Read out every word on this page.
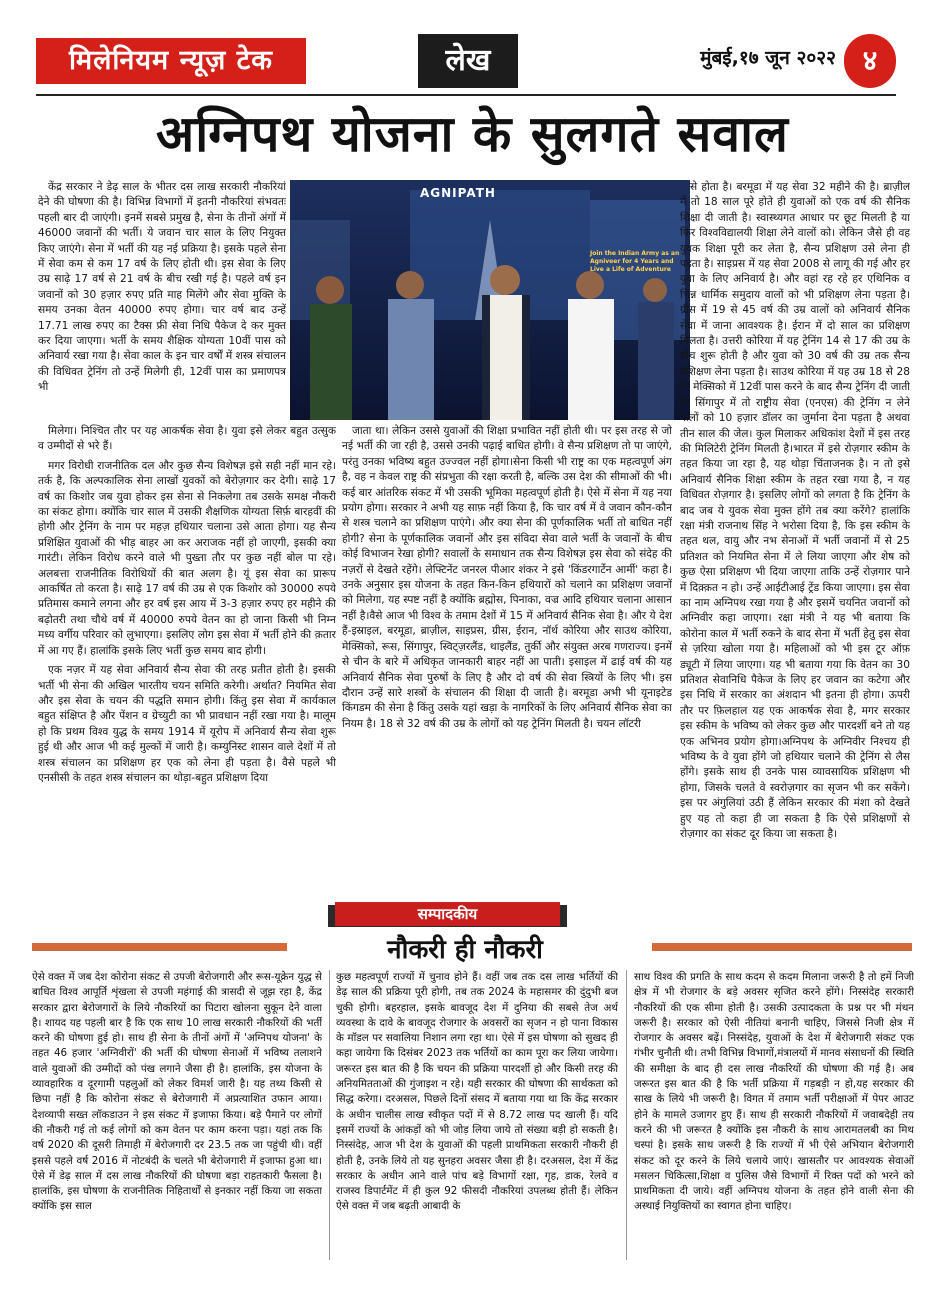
मिलेनियम न्यूज़ टेक	लेख	मुंबई,१७ जून २०२२ ४
अग्निपथ योजना के सुलगते सवाल

केंद्र सरकार ने डेढ़ साल के भीतर दस लाख सरकारी नौकरियां देने की घोषणा की है। विभिन्न विभागों में इतनी नौकरियां संभवतः पहली बार दी जाएंगी। इनमें सबसे प्रमुख है, सेना के तीनों अंगों में 46000 जवानों की भर्ती। ये जवान चार साल के लिए नियुक्त किए जाएंगे। सेना में भर्ती की यह नई प्रक्रिया है। इसके पहले सेना में सेवा कम से कम 17 वर्ष के लिए होती थी। इस सेवा के लिए उम्र साढ़े 17 वर्ष से 21 वर्ष के बीच रखी गई है। पहले वर्ष इन जवानों को 30 हज़ार रुपए प्रति माह मिलेंगे और सेवा मुक्ति के समय उनका वेतन 40000 रुपए होगा। चार वर्ष बाद उन्हें 17.71 लाख रुपए का टैक्स फ्री सेवा निधि पैकेज दे कर मुक्त कर दिया जाएगा। भर्ती के समय शैक्षिक योग्यता 10वीं पास को अनिवार्य रखा गया है। सेवा काल के इन चार वर्षों में शस्त्र संचालन की विधिवत ट्रेनिंग तो उन्हें मिलेगी ही, 12वीं पास का प्रमाणपत्र भी

मिलेगा। निश्चित तौर पर यह आकर्षक सेवा है। युवा इसे लेकर बहुत उत्सुक व उम्मीदों से भरे हैं।

मगर विरोधी राजनीतिक दल और कुछ सैन्य विशेषज्ञ इसे सही नहीं मान रहे। तर्क है, कि अल्पकालिक सेना लाखों युवकों को बेरोज़गार कर देगी। साढ़े 17 वर्ष का किशोर जब युवा होकर इस सेना से निकलेगा तब उसके समक्ष नौकरी का संकट होगा। क्योंकि चार साल में उसकी शैक्षणिक योग्यता सिर्फ़ बारहवीं की होगी और ट्रेनिंग के नाम पर महज़ हथियार चलाना उसे आता होगा। यह सैन्य प्रशिक्षित युवाओं की भीड़ बाहर आ कर अराजक नहीं हो जाएगी, इसकी क्या गारंटी। लेकिन विरोध करने वाले भी पुख्ता तौर पर कुछ नहीं बोल पा रहे। अलबत्ता राजनीतिक विरोधियों की बात अलग है। यूं इस सेवा का प्रारूप आकर्षित तो करता है। साढ़े 17 वर्ष की उम्र से एक किशोर को 30000 रुपये प्रतिमास कमाने लगना और हर वर्ष इस आय में 3-3 हज़ार रुपए हर महीने की बढ़ोतरी तथा चौथे वर्ष में 40000 रुपये वेतन का हो जाना किसी भी निम्न मध्य वर्गीय परिवार को लुभाएगा। इसलिए लोग इस सेवा में भर्ती होने की क़तार में आ गए हैं। हालांकि इसके लिए भर्ती कुछ समय बाद होगी।

एक नज़र में यह सेवा अनिवार्य सैन्य सेवा की तरह प्रतीत होती है। इसकी भर्ती भी सेना की अखिल भारतीय चयन समिति करेगी। अर्थात? नियमित सेवा और इस सेवा के चयन की पद्धति समान होगी। किंतु इस सेवा में कार्यकाल बहुत संक्षिप्त है और पेंशन व ग्रेच्युटी का भी प्रावधान नहीं रखा गया है। मालूम हो कि प्रथम विश्व युद्ध के समय 1914 में यूरोप में अनिवार्य सैन्य सेवा शुरू हुई थी और आज भी कई मुल्कों में जारी है। कम्युनिस्ट शासन वाले देशों में तो शस्त्र संचालन का प्रशिक्षण हर एक को लेना ही पड़ता है। वैसे पहले भी एनसीसी के तहत शस्त्र संचालन का थोड़ा-बहुत प्रशिक्षण दिया

AGNIPATH
Join the Indian Army as an Agniveer for 4 Years and Live a Life of Adventure

जाता था। लेकिन उससे युवाओं की शिक्षा प्रभावित नहीं होती थी। पर इस तरह से जो नई भर्ती की जा रही है, उससे उनकी पढ़ाई बाधित होगी। वे सैन्य प्रशिक्षण तो पा जाएंगे, परंतु उनका भविष्य बहुत उज्ज्वल नहीं होगा।सेना किसी भी राष्ट्र का एक महत्वपूर्ण अंग है, वह न केवल राष्ट्र की संप्रभुता की रक्षा करती है, बल्कि उस देश की सीमाओं की भी। कई बार आंतरिक संकट में भी उसकी भूमिका महत्वपूर्ण होती है। ऐसे में सेना में यह नया प्रयोग होगा। सरकार ने अभी यह साफ़ नहीं किया है, कि चार वर्ष में वे जवान कौन-कौन से शस्त्र चलाने का प्रशिक्षण पाएंगे। और क्या सेना की पूर्णकालिक भर्ती तो बाधित नहीं होगी? सेना के पूर्णकालिक जवानों और इस संविदा सेवा वाले भर्ती के जवानों के बीच कोई विभाजन रेखा होगी? सवालों के समाधान तक सैन्य विशेषज्ञ इस सेवा को संदेह की नज़रों से देखते रहेंगे। लेफ्टिनेंट जनरल पीआर शंकर ने इसे 'किंडरगार्टेन आर्मी' कहा है। उनके अनुसार इस योजना के तहत किन-किन हथियारों को चलाने का प्रशिक्षण जवानों को मिलेगा, यह स्पष्ट नहीं है क्योंकि ब्रह्मोस, पिनाका, वज्र आदि हथियार चलाना आसान नहीं है।वैसे आज भी विश्व के तमाम देशों में 15 में अनिवार्य सैनिक सेवा है। और ये देश हैं-इस्राइल, बरमूडा, ब्राज़ील, साइप्रस, ग्रीस, ईरान, नॉर्थ कोरिया और साउथ कोरिया, मेक्सिको, रूस, सिंगापुर, स्विट्ज़रलैंड, थाइलैंड, तुर्की और संयुक्त अरब गणराज्य। इनमें से चीन के बारे में अधिकृत जानकारी बाहर नहीं आ पाती। इसाइल में ढाई वर्ष की यह अनिवार्य सैनिक सेवा पुरुषों के लिए है और दो वर्ष की सेवा स्त्रियों के लिए भी। इस दौरान उन्हें सारे शस्त्रों के संचालन की शिक्षा दी जाती है। बरमूडा अभी भी यूनाइटेड किंगडम की सेना है किंतु उसके यहां खड़ा के नागरिकों के लिए अनिवार्य सैनिक सेवा का नियम है। 18 से 32 वर्ष की उम्र के लोगों को यह ट्रेनिंग मिलती है। चयन लॉटरी

से होता है। बरमूडा में यह सेवा 32 महीने की है। ब्राज़ील में तो 18 साल पूरे होते ही युवाओं को एक वर्ष की सैनिक शिक्षा दी जाती है। स्वास्थ्यगत आधार पर छूट मिलती है या फिर विश्वविद्यालयी शिक्षा लेने वालों को। लेकिन जैसे ही वह युवक शिक्षा पूरी कर लेता है, सैन्य प्रशिक्षण उसे लेना ही पड़ता है। साइप्रस में यह सेवा 2008 से लागू की गई और हर युवा के लिए अनिवार्य है। और वहां रह रहे हर एथिनिक व भिन्न धार्मिक समुदाय वालों को भी प्रशिक्षण लेना पड़ता है। ग्रीस में 19 से 45 वर्ष की उम्र वालों को अनिवार्य सैनिक सेवा में जाना आवश्यक है। ईरान में दो साल का प्रशिक्षण मिलता है। उत्तरी कोरिया में यह ट्रेनिंग 14 से 17 की उम्र के बीच शुरू होती है और युवा को 30 वर्ष की उम्र तक सैन्य प्रशिक्षण लेना पड़ता है। साउथ कोरिया में यह उम्र 18 से 28 है। मेक्सिको में 12वीं पास करने के बाद सैन्य ट्रेनिंग दी जाती है। सिंगापुर में तो राष्ट्रीय सेवा (एनएस) की ट्रेनिंग न लेने वालों को 10 हज़ार डॉलर का जुर्माना देना पड़ता है अथवा तीन साल की जेल। कुल मिलाकर अधिकांश देशों में इस तरह की मिलिटेरी ट्रेनिंग मिलती है।भारत में इसे रोज़गार स्कीम के तहत किया जा रहा है, यह थोड़ा चिंताजनक है। न तो इसे अनिवार्य सैनिक शिक्षा स्कीम के तहत रखा गया है, न यह विधिवत रोज़गार है। इसलिए लोगों को लगता है कि ट्रेनिंग के बाद जब ये युवक सेवा मुक्त होंगे तब क्या करेंगे? हालांकि रक्षा मंत्री राजनाथ सिंह ने भरोसा दिया है, कि इस स्कीम के तहत थल, वायु और नभ सेनाओं में भर्ती जवानों में से 25 प्रतिशत को नियमित सेना में ले लिया जाएगा और शेष को कुछ ऐसा प्रशिक्षण भी दिया जाएगा ताकि उन्हें रोज़गार पाने में दिक़्क़त न हो। उन्हें आईटीआई ट्रेंड किया जाएगा। इस सेवा का नाम अग्निपथ रखा गया है और इसमें चयनित जवानों को अग्निवीर कहा जाएगा। रक्षा मंत्री ने यह भी बताया कि कोरोना काल में भर्ती रुकने के बाद सेना में भर्ती हेतु इस सेवा से ज़रिया खोला गया है। महिलाओं को भी इस टूर ऑफ़ ड्यूटी में लिया जाएगा। यह भी बताया गया कि वेतन का 30 प्रतिशत सेवानिधि पैकेज के लिए हर जवान का कटेगा और इस निधि में सरकार का अंशदान भी इतना ही होगा। ऊपरी तौर पर फ़िलहाल यह एक आकर्षक सेवा है, मगर सरकार इस स्कीम के भविष्य को लेकर कुछ और पारदर्शी बने तो यह एक अभिनव प्रयोग होगा।अग्निपथ के अग्निवीर निश्चय ही भविष्य के वे युवा होंगे जो हथियार चलाने की ट्रेनिंग से लैस होंगे। इसके साथ ही उनके पास व्यावसायिक प्रशिक्षण भी होगा, जिसके चलते वे स्वरोज़गार का सृजन भी कर सकेंगे। इस पर अंगुलियां उठी हैं लेकिन सरकार की मंशा को देखते हुए यह तो कहा ही जा सकता है कि ऐसे प्रशिक्षणों से रोज़गार का संकट दूर किया जा सकता है।

सम्पादकीय
नौकरी ही नौकरी

ऐसे वक्त में जब देश कोरोना संकट से उपजी बेरोजगारी और रूस-यूक्रेन युद्ध से बाधित विश्व आपूर्ति शृंखला से उपजी महंगाई की त्रासदी से जूझ रहा है, केंद्र सरकार द्वारा बेरोजगारों के लिये नौकरियों का पिटारा खोलना सुकून देने वाला है। शायद यह पहली बार है कि एक साथ 10 लाख सरकारी नौकरियों की भर्ती करने की घोषणा हुई हो। साथ ही सेना के तीनों अंगों में 'अग्निपथ योजना' के तहत 46 हजार 'अग्निवीरों' की भर्ती की घोषणा सेनाओं में भविष्य तलाशने वाले युवाओं की उम्मीदों को पंख लगाने जैसा ही है। हालांकि, इस योजना के व्यावहारिक व दूरगामी पहलुओं को लेकर विमर्श जारी है। यह तथ्य किसी से छिपा नहीं है कि कोरोना संकट से बेरोजगारी में अप्रत्याशित उफान आया। देशव्यापी सख्त लॉकडाउन ने इस संकट में इजाफा किया। बड़े पैमाने पर लोगों की नौकरी गई तो कई लोगों को कम वेतन पर काम करना पड़ा। यहां तक कि वर्ष 2020 की दूसरी तिमाही में बेरोजगारी दर 23.5 तक जा पहुंची थी। वहीं इससे पहले वर्ष 2016 में नोटबंदी के चलते भी बेरोजगारी में इजाफा हुआ था। ऐसे में डेढ़ साल में दस लाख नौकरियों की घोषणा बड़ा राहतकारी फैसला है। हालांकि, इस घोषणा के राजनीतिक निहितार्थों से इनकार नहीं किया जा सकता क्योंकि इस साल

कुछ महत्वपूर्ण राज्यों में चुनाव होने हैं। वहीं जब तक दस लाख भर्तियों की डेढ़ साल की प्रक्रिया पूरी होगी, तब तक 2024 के महासमर की दुंदुभी बज चुकी होगी। बहरहाल, इसके बावजूद देश में दुनिया की सबसे तेज अर्थ व्यवस्था के दावे के बावजूद रोजगार के अवसरों का सृजन न हो पाना विकास के मॉडल पर सवालिया निशान लगा रहा था। ऐसे में इस घोषणा को सुखद ही कहा जायेगा कि दिसंबर 2023 तक भर्तियों का काम पूरा कर लिया जायेगा। जरूरत इस बात की है कि चयन की प्रक्रिया पारदर्शी हो और किसी तरह की अनियमितताओं की गुंजाइश न रहे। यही सरकार की घोषणा की सार्थकता को सिद्ध करेगा। दरअसल, पिछले दिनों संसद में बताया गया था कि केंद्र सरकार के अधीन चालीस लाख स्वीकृत पदों में से 8.72 लाख पद खाली हैं। यदि इसमें राज्यों के आंकड़ों को भी जोड़ लिया जाये तो संख्या बड़ी हो सकती है। निस्संदेह, आज भी देश के युवाओं की पहली प्राथमिकता सरकारी नौकरी ही होती है, उनके लिये तो यह सुनहरा अवसर जैसा ही है। दरअसल, देश में केंद्र सरकार के अधीन आने वाले पांच बड़े विभागों रक्षा, गृह, डाक, रेलवे व राजस्व डिपार्टमेंट में ही कुल 92 फीसदी नौकरियां उपलब्ध होती हैं। लेकिन ऐसे वक्त में जब बढ़ती आबादी के

साथ विश्व की प्रगति के साथ कदम से कदम मिलाना जरूरी है तो हमें निजी क्षेत्र में भी रोजगार के बड़े अवसर सृजित करने होंगे। निस्संदेह सरकारी नौकरियों की एक सीमा होती है। उसकी उत्पादकता के प्रश्न पर भी मंथन जरूरी है। सरकार को ऐसी नीतियां बनानी चाहिए, जिससे निजी क्षेत्र में रोजगार के अवसर बढ़ें। निस्संदेह, युवाओं के देश में बेरोजगारी संकट एक गंभीर चुनौती थी। तभी विभिन्न विभागों,मंत्रालयों में मानव संसाधनों की स्थिति की समीक्षा के बाद ही दस लाख नौकरियों की घोषणा की गई है। अब जरूरत इस बात की है कि भर्ती प्रक्रिया में गड़बड़ी न हो,यह सरकार की साख के लिये भी जरूरी है। विगत में तमाम भर्ती परीक्षाओं में पेपर आउट होने के मामले उजागर हुए हैं। साथ ही सरकारी नौकरियों में जवाबदेही तय करने की भी जरूरत है क्योंकि इस नौकरी के साथ आरामतलबी का मिथ चस्पां है। इसके साथ जरूरी है कि राज्यों में भी ऐसे अभियान बेरोजगारी संकट को दूर करने के लिये चलाये जाएं। खासतौर पर आवश्यक सेवाओं मसलन चिकित्सा,शिक्षा व पुलिस जैसे विभागों में रिक्त पदों को भरने को प्राथमिकता दी जाये। वहीं अग्निपथ योजना के तहत होने वाली सेना की अस्थाई नियुक्तियों का स्वागत होना चाहिए।
